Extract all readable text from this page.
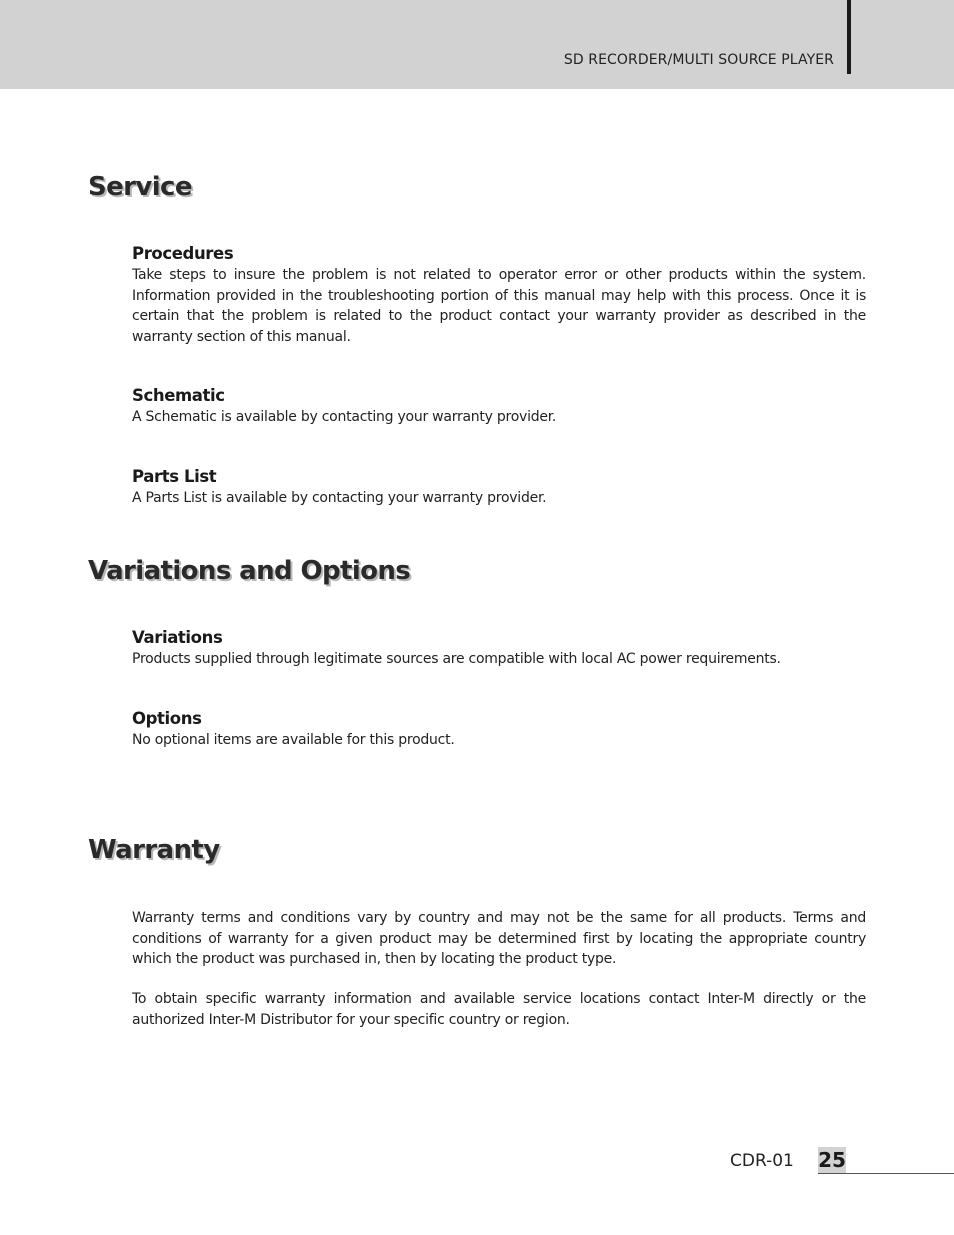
SD RECORDER/MULTI SOURCE PLAYER
Service
Procedures

Take steps to insure the problem is not related to operator error or other products within the system. Information provided in the troubleshooting portion of this manual may help with this process. Once it is certain that the problem is related to the product contact your warranty provider as described in the warranty section of this manual.

Schematic

A Schematic is available by contacting your warranty provider.

Parts List

A Parts List is available by contacting your warranty provider.

Variations and Options
Variations

Products supplied through legitimate sources are compatible with local AC power requirements.

Options

No optional items are available for this product.

Warranty

Warranty terms and conditions vary by country and may not be the same for all products. Terms and conditions of warranty for a given product may be determined first by locating the appropriate country which the product was purchased in, then by locating the product type.

To obtain specific warranty information and available service locations contact Inter-M directly or the authorized Inter-M Distributor for your specific country or region.

CDR-01 25
